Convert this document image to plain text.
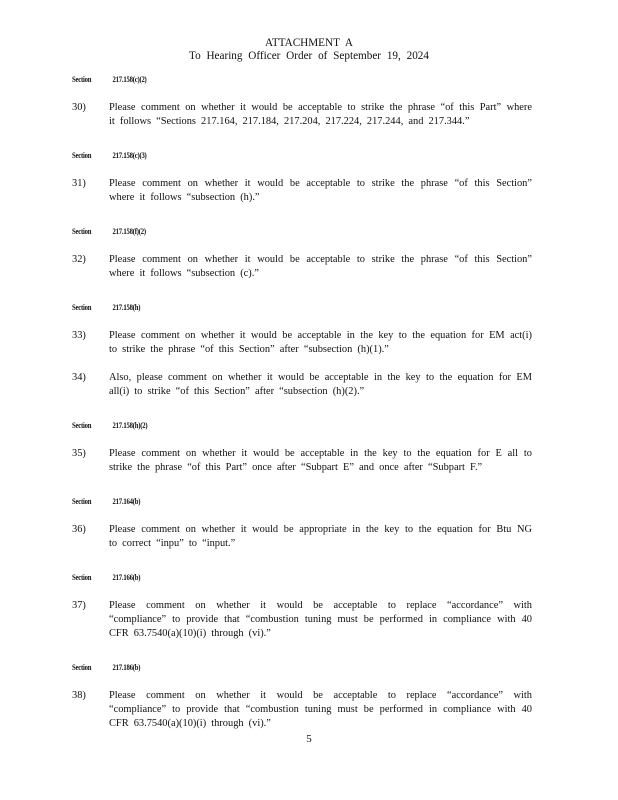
ATTACHMENT A
To Hearing Officer Order of September 19, 2024
Section 217.158(c)(2)
30)	Please comment on whether it would be acceptable to strike the phrase “of this Part” where it follows “Sections 217.164, 217.184, 217.204, 217.224, 217.244, and 217.344.”
Section 217.158(c)(3)
31)	Please comment on whether it would be acceptable to strike the phrase “of this Section” where it follows “subsection (h).”
Section 217.158(f)(2)
32)	Please comment on whether it would be acceptable to strike the phrase “of this Section” where it follows “subsection (c).”
Section 217.158(h)
33)	Please comment on whether it would be acceptable in the key to the equation for EM act(i) to strike the phrase “of this Section” after “subsection (h)(1).”
34)	Also, please comment on whether it would be acceptable in the key to the equation for EM all(i) to strike “of this Section” after “subsection (h)(2).”
Section 217.158(h)(2)
35)	Please comment on whether it would be acceptable in the key to the equation for E all to strike the phrase “of this Part” once after “Subpart E” and once after “Subpart F.”
Section 217.164(b)
36)	Please comment on whether it would be appropriate in the key to the equation for Btu NG to correct “inpu” to “input.”
Section 217.166(b)
37)	Please comment on whether it would be acceptable to replace “accordance” with “compliance” to provide that “combustion tuning must be performed in compliance with 40 CFR 63.7540(a)(10)(i) through (vi).”
Section 217.186(b)
38)	Please comment on whether it would be acceptable to replace “accordance” with “compliance” to provide that “combustion tuning must be performed in compliance with 40 CFR 63.7540(a)(10)(i) through (vi).”
5
